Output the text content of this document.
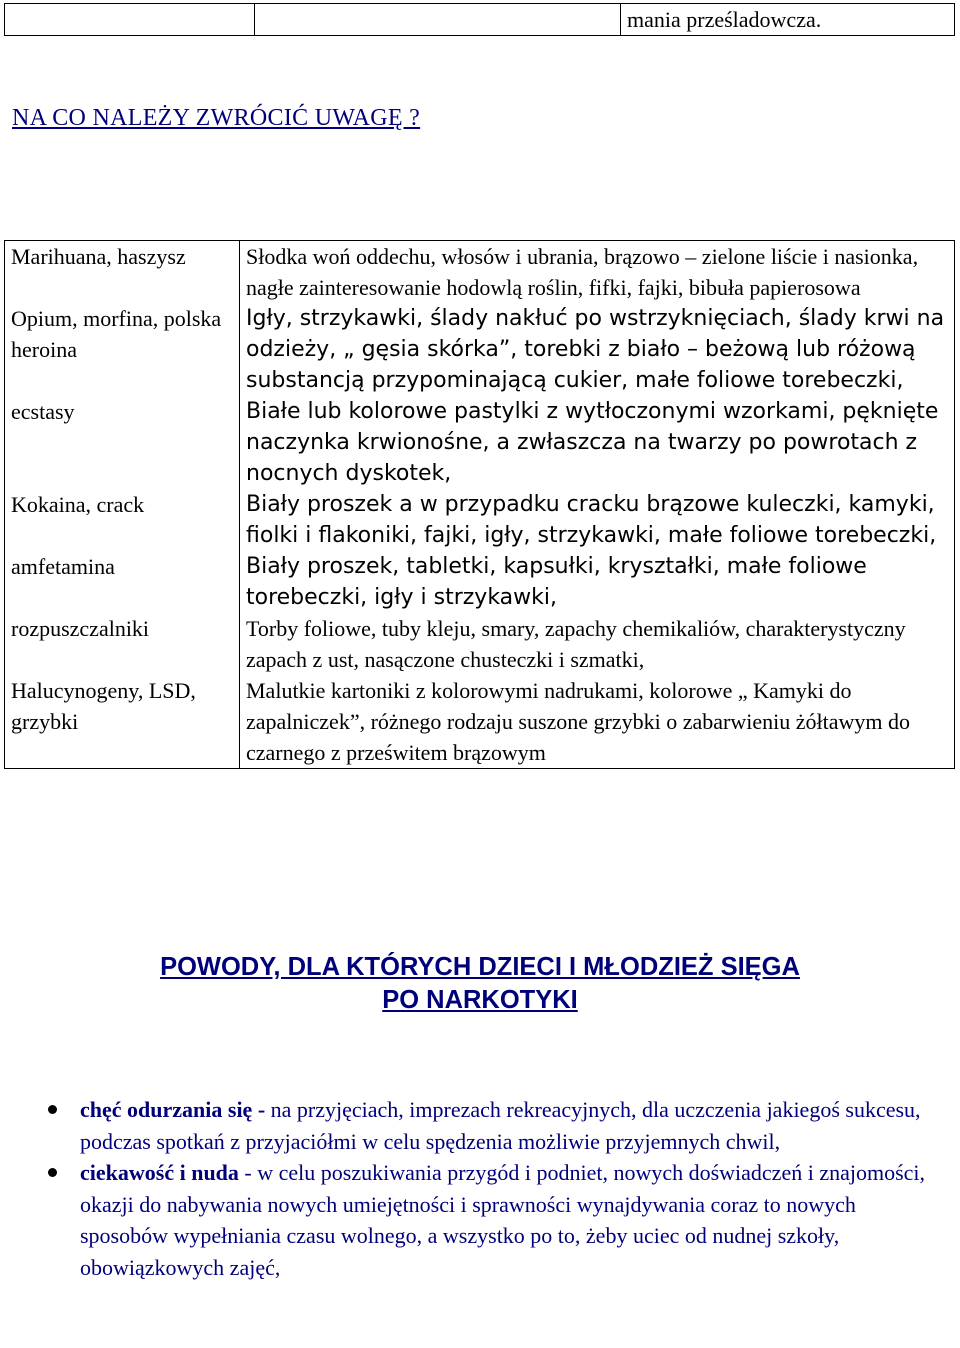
		mania prześladowcza.
NA CO NALEŻY ZWRÓCIĆ UWAGĘ ?
Marihuana, haszysz	Słodka woń oddechu, włosów i ubrania, brązowo – zielone liście i nasionka, nagłe zainteresowanie hodowlą roślin, fifki, fajki, bibuła papierosowa
Opium, morfina, polska heroina	Igły, strzykawki, ślady nakłuć po wstrzyknięciach, ślady krwi na odzieży, „ gęsia skórka”, torebki z biało – beżową lub różową substancją przypominającą cukier, małe foliowe torebeczki,
ecstasy	Białe lub kolorowe pastylki z wytłoczonymi wzorkami, pęknięte naczynka krwionośne, a zwłaszcza na twarzy po powrotach z nocnych dyskotek,
Kokaina, crack	Biały proszek a w przypadku cracku brązowe kuleczki, kamyki, fiolki i flakoniki, fajki, igły, strzykawki, małe foliowe torebeczki,
amfetamina	Biały proszek, tabletki, kapsułki, kryształki, małe foliowe torebeczki, igły i strzykawki,
rozpuszczalniki	Torby foliowe, tuby kleju, smary, zapachy chemikaliów, charakterystyczny zapach z ust, nasączone chusteczki i szmatki,
Halucynogeny, LSD, grzybki	Malutkie kartoniki z kolorowymi nadrukami, kolorowe „ Kamyki do zapalniczek”, różnego rodzaju suszone grzybki o zabarwieniu żółtawym do czarnego z prześwitem brązowym
POWODY, DLA KTÓRYCH DZIECI I MŁODZIEŻ SIĘGA
PO NARKOTYKI
chęć odurzania się - na przyjęciach, imprezach rekreacyjnych, dla uczczenia jakiegoś sukcesu, podczas spotkań z przyjaciółmi w celu spędzenia możliwie przyjemnych chwil,
ciekawość i nuda - w celu poszukiwania przygód i podniet, nowych doświadczeń i znajomości, okazji do nabywania nowych umiejętności i sprawności wynajdywania coraz to nowych sposobów wypełniania czasu wolnego, a wszystko po to, żeby uciec od nudnej szkoły, obowiązkowych zajęć,
